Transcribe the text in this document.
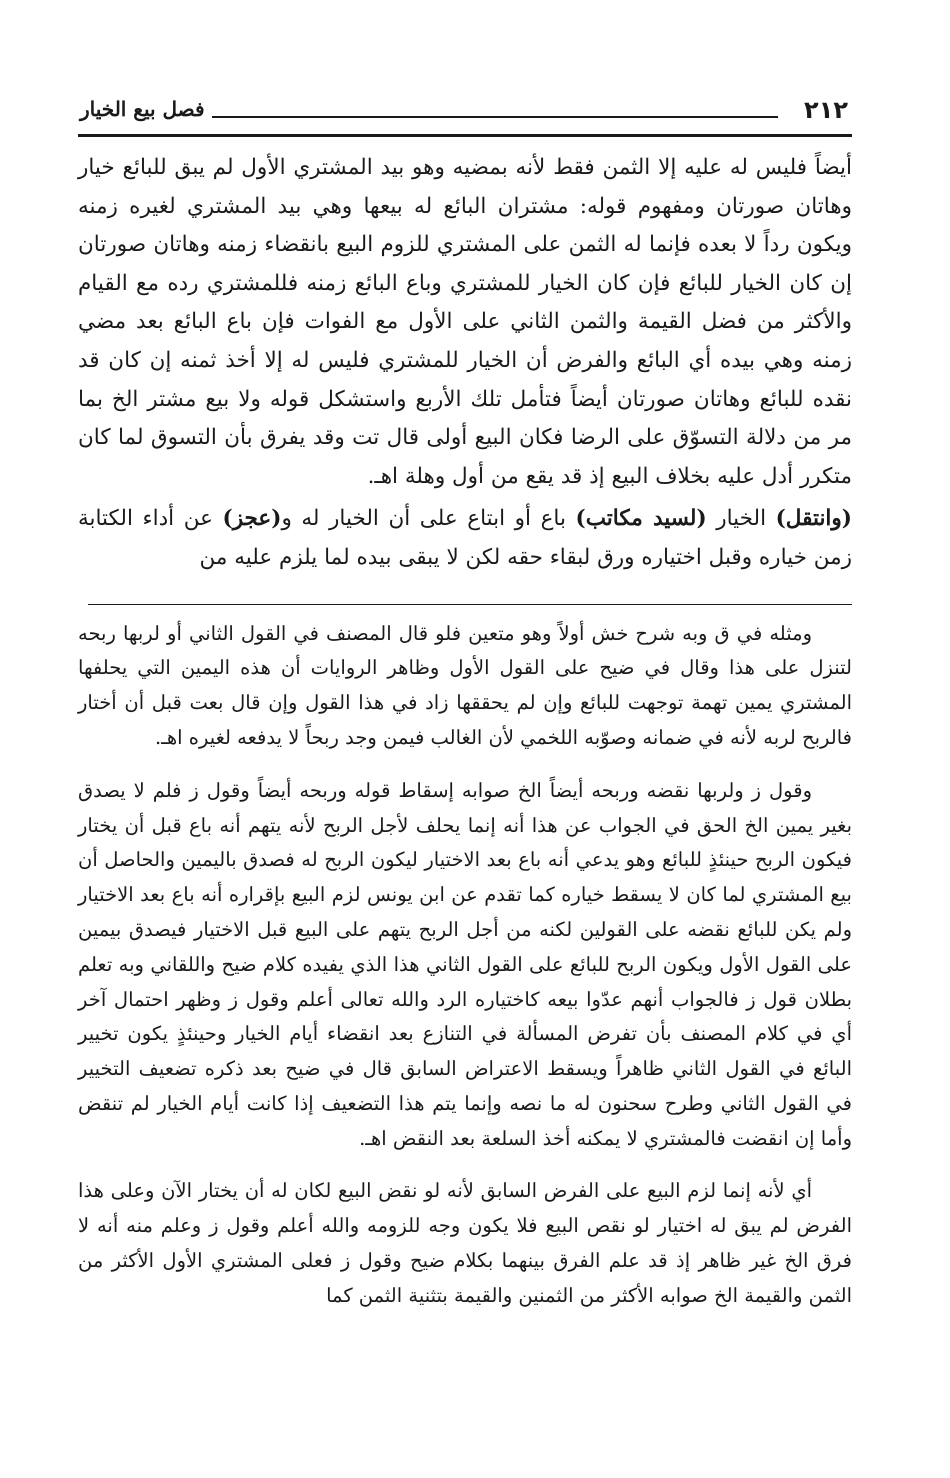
٢١٢
فصل بيع الخيار

أيضاً فليس له عليه إلا الثمن فقط لأنه بمضيه وهو بيد المشتري الأول لم يبق للبائع خيار وهاتان صورتان ومفهوم قوله: مشتران البائع له بيعها وهي بيد المشتري لغيره زمنه ويكون رداً لا بعده فإنما له الثمن على المشتري للزوم البيع بانقضاء زمنه وهاتان صورتان إن كان الخيار للبائع فإن كان الخيار للمشتري وباع البائع زمنه فللمشتري رده مع القيام والأكثر من فضل القيمة والثمن الثاني على الأول مع الفوات فإن باع البائع بعد مضي زمنه وهي بيده أي البائع والفرض أن الخيار للمشتري فليس له إلا أخذ ثمنه إن كان قد نقده للبائع وهاتان صورتان أيضاً فتأمل تلك الأربع واستشكل قوله ولا بيع مشتر الخ بما مر من دلالة التسوّق على الرضا فكان البيع أولى قال تت وقد يفرق بأن التسوق لما كان متكرر أدل عليه بخلاف البيع إذ قد يقع من أول وهلة اهـ.

(وانتقل) الخيار (لسيد مكاتب) باع أو ابتاع على أن الخيار له و(عجز) عن أداء الكتابة زمن خياره وقبل اختياره ورق لبقاء حقه لكن لا يبقى بيده لما يلزم عليه من

ومثله في ق وبه شرح خش أولاً وهو متعين فلو قال المصنف في القول الثاني أو لربها ربحه لتنزل على هذا وقال في ضيح على القول الأول وظاهر الروايات أن هذه اليمين التي يحلفها المشتري يمين تهمة توجهت للبائع وإن لم يحققها زاد في هذا القول وإن قال بعت قبل أن أختار فالربح لربه لأنه في ضمانه وصوّبه اللخمي لأن الغالب فيمن وجد ربحاً لا يدفعه لغيره اهـ.

وقول ز ولربها نقضه وربحه أيضاً الخ صوابه إسقاط قوله وربحه أيضاً وقول ز فلم لا يصدق بغير يمين الخ الحق في الجواب عن هذا أنه إنما يحلف لأجل الربح لأنه يتهم أنه باع قبل أن يختار فيكون الربح حينئذٍ للبائع وهو يدعي أنه باع بعد الاختيار ليكون الربح له فصدق باليمين والحاصل أن بيع المشتري لما كان لا يسقط خياره كما تقدم عن ابن يونس لزم البيع بإقراره أنه باع بعد الاختيار ولم يكن للبائع نقضه على القولين لكنه من أجل الربح يتهم على البيع قبل الاختيار فيصدق بيمين على القول الأول ويكون الربح للبائع على القول الثاني هذا الذي يفيده كلام ضيح واللقاني وبه تعلم بطلان قول ز فالجواب أنهم عدّوا بيعه كاختياره الرد والله تعالى أعلم وقول ز وظهر احتمال آخر أي في كلام المصنف بأن تفرض المسألة في التنازع بعد انقضاء أيام الخيار وحينئذٍ يكون تخيير البائع في القول الثاني ظاهراً ويسقط الاعتراض السابق قال في ضيح بعد ذكره تضعيف التخيير في القول الثاني وطرح سحنون له ما نصه وإنما يتم هذا التضعيف إذا كانت أيام الخيار لم تنقض وأما إن انقضت فالمشتري لا يمكنه أخذ السلعة بعد النقض اهـ.

أي لأنه إنما لزم البيع على الفرض السابق لأنه لو نقض البيع لكان له أن يختار الآن وعلى هذا الفرض لم يبق له اختيار لو نقص البيع فلا يكون وجه للزومه والله أعلم وقول ز وعلم منه أنه لا فرق الخ غير ظاهر إذ قد علم الفرق بينهما بكلام ضيح وقول ز فعلى المشتري الأول الأكثر من الثمن والقيمة الخ صوابه الأكثر من الثمنين والقيمة بتثنية الثمن كما
